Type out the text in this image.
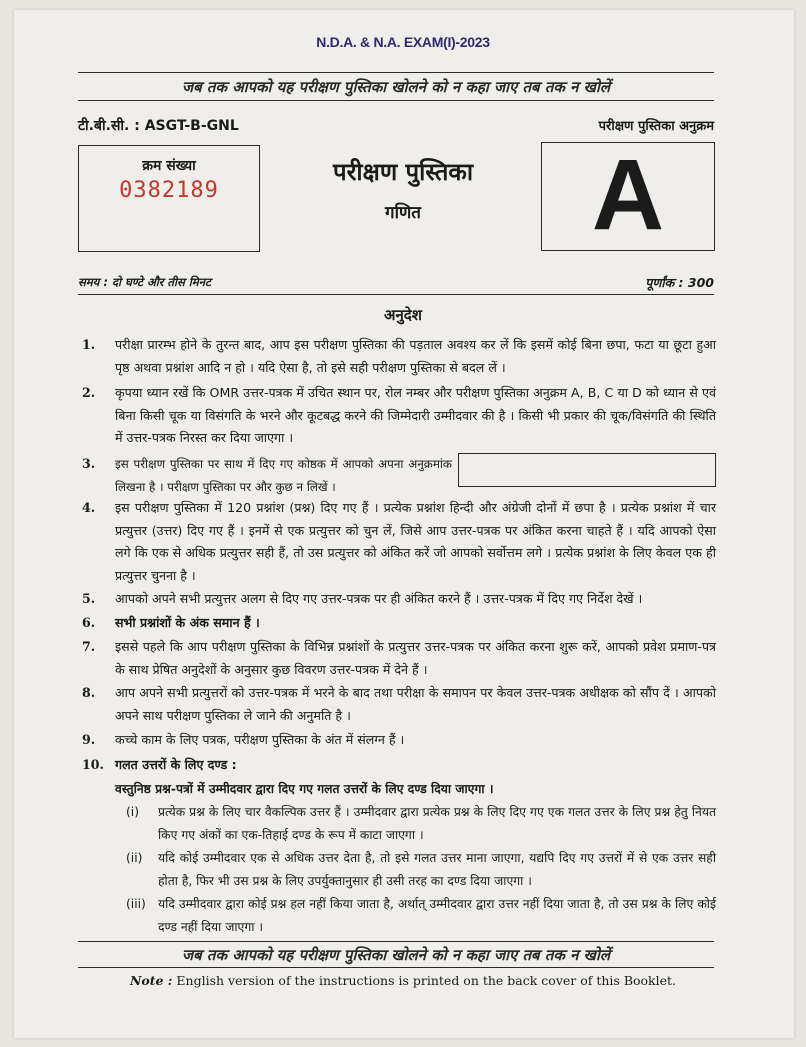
N.D.A. & N.A. EXAM(I)-2023
जब तक आपको यह परीक्षण पुस्तिका खोलने को न कहा जाए तब तक न खोलें
टी.बी.सी. : ASGT-B-GNL	परीक्षण पुस्तिका अनुक्रम
क्रम संख्या
0382189
परीक्षण पुस्तिका
गणित	A
समय : दो घण्टे और तीस मिनट	पूर्णांक : 300
अनुदेश
1. परीक्षा प्रारम्भ होने के तुरन्त बाद, आप इस परीक्षण पुस्तिका की पड़ताल अवश्य कर लें कि इसमें कोई बिना छपा, फटा या छूटा हुआ पृष्ठ अथवा प्रश्नांश आदि न हो । यदि ऐसा है, तो इसे सही परीक्षण पुस्तिका से बदल लें ।
2. कृपया ध्यान रखें कि OMR उत्तर-पत्रक में उचित स्थान पर, रोल नम्बर और परीक्षण पुस्तिका अनुक्रम A, B, C या D को ध्यान से एवं बिना किसी चूक या विसंगति के भरने और कूटबद्ध करने की जिम्मेदारी उम्मीदवार की है । किसी भी प्रकार की चूक/विसंगति की स्थिति में उत्तर-पत्रक निरस्त कर दिया जाएगा ।
3. इस परीक्षण पुस्तिका पर साथ में दिए गए कोष्ठक में आपको अपना अनुक्रमांक लिखना है । परीक्षण पुस्तिका पर और कुछ न लिखें ।
4. इस परीक्षण पुस्तिका में 120 प्रश्नांश (प्रश्न) दिए गए हैं । प्रत्येक प्रश्नांश हिन्दी और अंग्रेजी दोनों में छपा है । प्रत्येक प्रश्नांश में चार प्रत्युत्तर (उत्तर) दिए गए हैं । इनमें से एक प्रत्युत्तर को चुन लें, जिसे आप उत्तर-पत्रक पर अंकित करना चाहते हैं । यदि आपको ऐसा लगे कि एक से अधिक प्रत्युत्तर सही हैं, तो उस प्रत्युत्तर को अंकित करें जो आपको सर्वोत्तम लगे । प्रत्येक प्रश्नांश के लिए केवल एक ही प्रत्युत्तर चुनना है ।
5. आपको अपने सभी प्रत्युत्तर अलग से दिए गए उत्तर-पत्रक पर ही अंकित करने हैं । उत्तर-पत्रक में दिए गए निर्देश देखें ।
6. सभी प्रश्नांशों के अंक समान हैं ।
7. इससे पहले कि आप परीक्षण पुस्तिका के विभिन्न प्रश्नांशों के प्रत्युत्तर उत्तर-पत्रक पर अंकित करना शुरू करें, आपको प्रवेश प्रमाण-पत्र के साथ प्रेषित अनुदेशों के अनुसार कुछ विवरण उत्तर-पत्रक में देने हैं ।
8. आप अपने सभी प्रत्युत्तरों को उत्तर-पत्रक में भरने के बाद तथा परीक्षा के समापन पर केवल उत्तर-पत्रक अधीक्षक को सौंप दें । आपको अपने साथ परीक्षण पुस्तिका ले जाने की अनुमति है ।
9. कच्चे काम के लिए पत्रक, परीक्षण पुस्तिका के अंत में संलग्न हैं ।
10. गलत उत्तरों के लिए दण्ड :
वस्तुनिष्ठ प्रश्न-पत्रों में उम्मीदवार द्वारा दिए गए गलत उत्तरों के लिए दण्ड दिया जाएगा ।
(i) प्रत्येक प्रश्न के लिए चार वैकल्पिक उत्तर हैं । उम्मीदवार द्वारा प्रत्येक प्रश्न के लिए दिए गए एक गलत उत्तर के लिए प्रश्न हेतु नियत किए गए अंकों का एक-तिहाई दण्ड के रूप में काटा जाएगा ।
(ii) यदि कोई उम्मीदवार एक से अधिक उत्तर देता है, तो इसे गलत उत्तर माना जाएगा, यद्यपि दिए गए उत्तरों में से एक उत्तर सही होता है, फिर भी उस प्रश्न के लिए उपर्युक्तानुसार ही उसी तरह का दण्ड दिया जाएगा ।
(iii) यदि उम्मीदवार द्वारा कोई प्रश्न हल नहीं किया जाता है, अर्थात् उम्मीदवार द्वारा उत्तर नहीं दिया जाता है, तो उस प्रश्न के लिए कोई दण्ड नहीं दिया जाएगा ।
जब तक आपको यह परीक्षण पुस्तिका खोलने को न कहा जाए तब तक न खोलें
Note : English version of the instructions is printed on the back cover of this Booklet.
